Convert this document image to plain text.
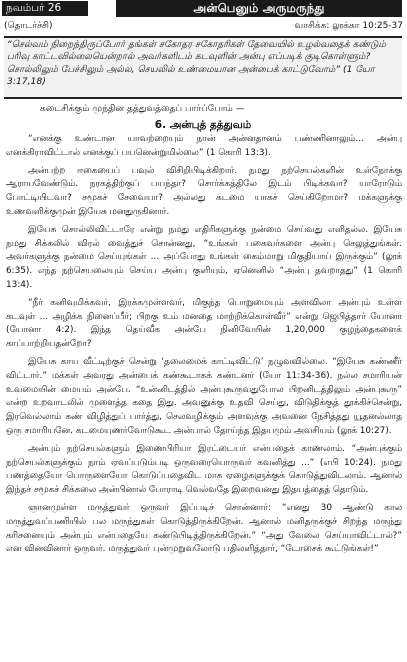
நவம்பர் 26	அன்பெனும் அருமருந்து
(தொடர்ச்சி)	வாசிக்க: லூக்கா 10:25-37
“செல்வம் நிறைந்திருப்போர் தங்கள் சகோதர சகோதரிகள் தேவையில் உழல்வதைக் கண்டும் பரிவு காட்டவில்லையென்றால் அவர்களிடம் கடவுளின் அன்பு எப்படிக் குடிகொள்ளும்? சொல்லிலும் பேச்சிலும் அல்ல, செயலில் உண்மையான அன்பைக் காட்டுவோம்” (1 யோ 3:17,18)
கடைசிக்கும் முந்தின தத்துவத்தைப் பார்ப்போம் —
6. அன்புத் தத்துவம்

“எனக்கு உண்டான யாவற்றையும் நான் அன்னதானம் பண்ணினாலும்... அன்பு எனக்கிராவிட்டால் எனக்குப் பயனென்றுமில்லை” (1 கொரி 13:3).

அன்பற்ற ஈகையைப் பவுல் விசிறிபிடிக்கிறார். நமது நற்செயல்களின் உள்நோக்கு ஆராயவேண்டும். நரகத்திற்குப் பயந்தா? சொர்க்கத்திலே இடம் பிடிக்கவா? யாரோடும் போட்டியிடவா? சமூகச் சேவையா? அல்லது கடமை யாகச் செய்கிறோமா? மக்களுக்கு உணவளிக்குமுன் இயேசு மனதுருகினார்.

இயேசு சொல்லிவிட்டாரே என்று நமது எதிரிகளுக்கு நன்மை செய்வது எளிதல்ல. இயேசு நமது சிக்கலில் விரல் வைத்துச் சொன்னது, “உங்கள் பகைவர்களை அன்பு செலுத்துங்கள். அவர்களுக்கு நன்மை செய்யுங்கள் ... அப்போது உங்கள் கைம்மாறு மிகுதியாய் இருக்கும்” (லூக் 6:35). எந்த நற்செயலையும் செய்ய அன்பு குளியும், ஏனெனில் “அன்பு தவறாதது” (1 கொரி 13:4).

“நீர் கனிவுமிக்கவர், இரக்கமுள்ளவர், மிகுந்த பொறுமையும் அளவிலா அன்பும் உள்ள கடவுள் ... அழிக்க நினைப்பீர்; பிறகு உம் மனதை மாற்றிக்கொள்வீர்” என்று ஜெபித்தார் யோனா (யோனா 4:2). இந்த தெய்வீக அன்பே நினிவேயின் 1,20,000 குழந்தைகளைக் காப்பாற்றியதன்றோ?

இயேசு காய வீட்டிற்குச் சென்று ‘தலைமைக் காட்டிவிட்டு’ நழுவவில்லை. “இயேசு கண்ணீர் விட்டார்.” மக்கள் அவரது அன்பைக் கண்கூடாகக் கண்டனர் (யோ 11:34-36). நல்ல சமாரியன் உவமையின் மையம் அன்பே. “உன்னிடத்தில் அன்புகூருவதுபோல பிறனிடத்திலும் அன்புகூரு” என்ற உறவாடலில் முளைத்த கதை இது. அவனுக்கு உதவி செய்து, விடுதிக்குத் தூக்கிச்சென்று, இரவெல்லாம் கண் விழித்துப் பார்த்து, செலவழிக்கும் அளவுக்கு அவனை நேசித்தது யூதனல்லாத ஒரு சமாரியனே. கடமையுணர்வோடுகூட அன்பால் தோய்ந்த இதயமும் அவசியம் (லூக் 10:27).

அன்பும் நற்செயல்களும் இணைபிரியா இரட்டையர் என்பதைக் காணலாம். “அன்புக்கும் நற்செயல்களுக்கும் நாம் ஏவப்படும்படி ஒருவரையொருவர் கவனித்து ...” (எபி 10:24). நமது பணத்தையோ பொருளையோ கொடுப்பதைவிட மாக ஏழைகளுக்குக் கொடுத்துவிடலாம். ஆனால் இந்தச் சமூகச் சிக்கலை அன்பினால் போராடி வெல்வதே இறைவனது இதயத்தைத் தொடும்.

ஞானமுள்ள மருத்துவர் ஒருவர் இப்படிச் சொன்னார்: “எனது 30 ஆண்டு கால மருத்துவப்பணியில் பல மருந்துகள் கொடுத்திருக்கிறேன். ஆனால் மனிதருக்குச் சிறந்த மருந்து கரிசனையும் அன்பும் என்பதையே கண்டுபிடித்திருக்கிறேன்.” “அது வேலை செய்யாவிட்டால்?” என வினவினார் ஒருவர். மருத்துவர் புன்முறுவலோடு பதிலளித்தார், “டோசைக் கூட்டுங்கள்!”
